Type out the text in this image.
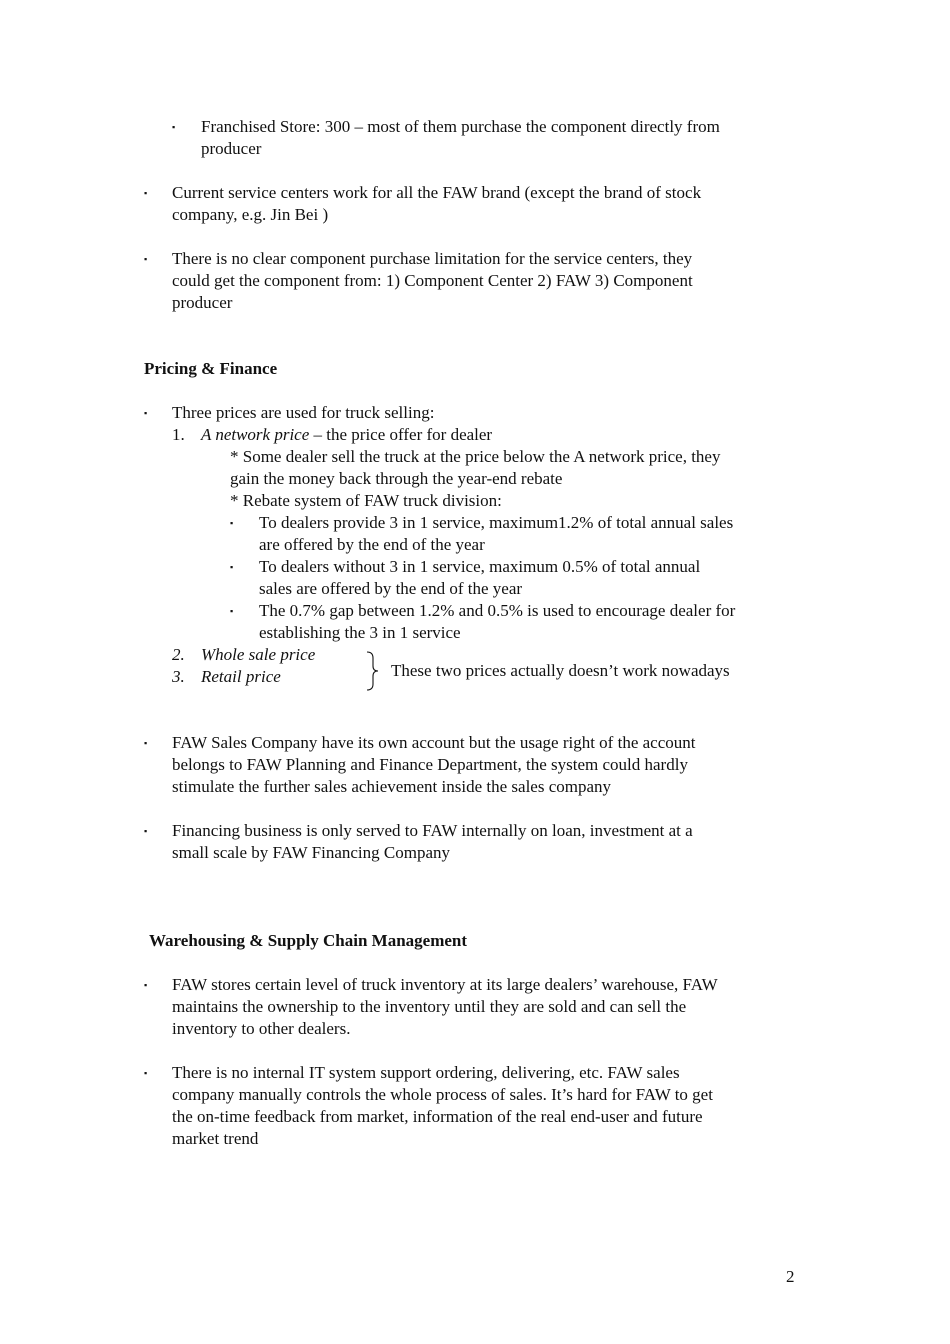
▪ Franchised Store: 300 – most of them purchase the component directly from
producer
▪ Current service centers work for all the FAW brand (except the brand of stock
company, e.g. Jin Bei )
▪ There is no clear component purchase limitation for the service centers, they
could get the component from: 1) Component Center 2) FAW 3) Component
producer
Pricing & Finance
▪ Three prices are used for truck selling:
1. A network price – the price offer for dealer
* Some dealer sell the truck at the price below the A network price, they
gain the money back through the year-end rebate
* Rebate system of FAW truck division:
▪ To dealers provide 3 in 1 service, maximum1.2% of total annual sales
are offered by the end of the year
▪ To dealers without 3 in 1 service, maximum 0.5% of total annual
sales are offered by the end of the year
▪ The 0.7% gap between 1.2% and 0.5% is used to encourage dealer for
establishing the 3 in 1 service
2. Whole sale price
3. Retail price	These two prices actually doesn’t work nowadays
▪ FAW Sales Company have its own account but the usage right of the account
belongs to FAW Planning and Finance Department, the system could hardly
stimulate the further sales achievement inside the sales company
▪ Financing business is only served to FAW internally on loan, investment at a
small scale by FAW Financing Company
Warehousing & Supply Chain Management
▪ FAW stores certain level of truck inventory at its large dealers’ warehouse, FAW
maintains the ownership to the inventory until they are sold and can sell the
inventory to other dealers.
▪ There is no internal IT system support ordering, delivering, etc. FAW sales
company manually controls the whole process of sales. It’s hard for FAW to get
the on-time feedback from market, information of the real end-user and future
market trend
2
